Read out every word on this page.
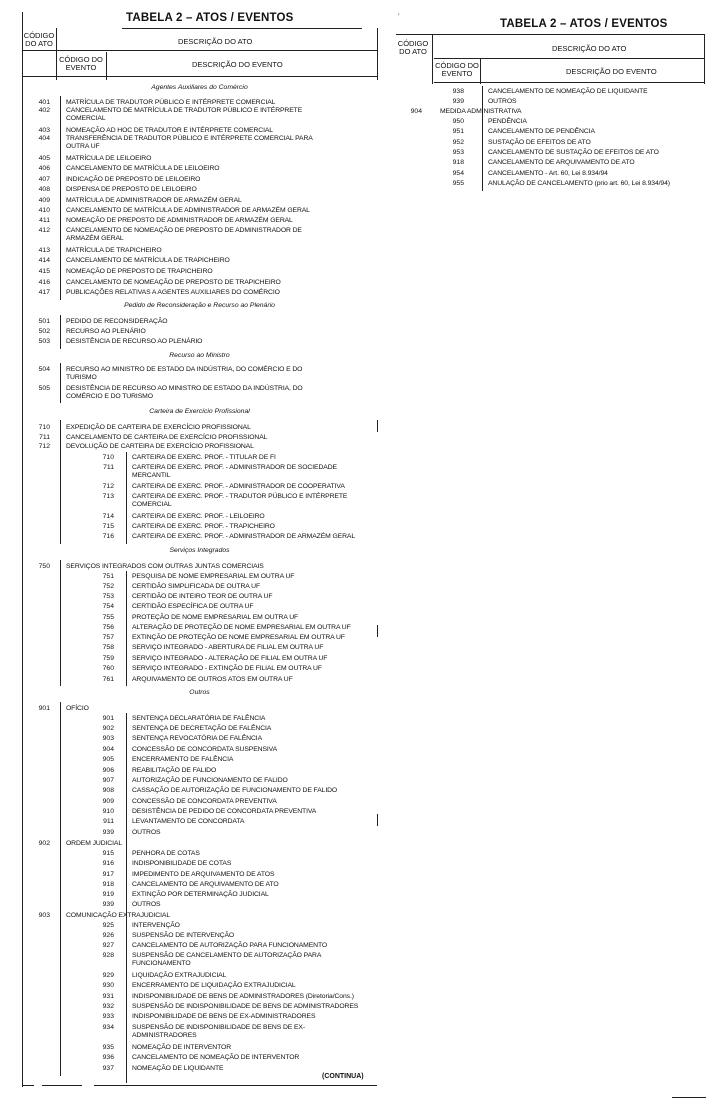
TABELA 2 – ATOS / EVENTOS
CÓDIGO
DO ATO	DESCRIÇÃO DO ATO
CÓDIGO DO
EVENTO	DESCRIÇÃO DO EVENTO
Agentes Auxiliares do Comércio
401 MATRÍCULA DE TRADUTOR PÚBLICO E INTÉRPRETE COMERCIAL
402 CANCELAMENTO DE MATRÍCULA DE TRADUTOR PÚBLICO E INTÉRPRETE
COMERCIAL
403 NOMEAÇÃO AD HOC DE TRADUTOR E INTÉRPRETE COMERCIAL
404 TRANSFERÊNCIA DE TRADUTOR PÚBLICO E INTÉRPRETE COMERCIAL PARA
OUTRA UF
405 MATRÍCULA DE LEILOEIRO
406 CANCELAMENTO DE MATRÍCULA DE LEILOEIRO
407 INDICAÇÃO DE PREPOSTO DE LEILOEIRO
408 DISPENSA DE PREPOSTO DE LEILOEIRO
409 MATRÍCULA DE ADMINISTRADOR DE ARMAZÉM GERAL
410 CANCELAMENTO DE MATRÍCULA DE ADMINISTRADOR DE ARMAZÉM GERAL
411 NOMEAÇÃO DE PREPOSTO DE ADMINISTRADOR DE ARMAZÉM GERAL
412 CANCELAMENTO DE NOMEAÇÃO DE PREPOSTO DE ADMINISTRADOR DE
ARMAZÉM GERAL
413 MATRÍCULA DE TRAPICHEIRO
414 CANCELAMENTO DE MATRÍCULA DE TRAPICHEIRO
415 NOMEAÇÃO DE PREPOSTO DE TRAPICHEIRO
416 CANCELAMENTO DE NOMEAÇÃO DE PREPOSTO DE TRAPICHEIRO
417 PUBLICAÇÕES RELATIVAS A AGENTES AUXILIARES DO COMÉRCIO
Pedido de Reconsideração e Recurso ao Plenário
501 PEDIDO DE RECONSIDERAÇÃO
502 RECURSO AO PLENÁRIO
503 DESISTÊNCIA DE RECURSO AO PLENÁRIO
Recurso ao Ministro
504 RECURSO AO MINISTRO DE ESTADO DA INDÚSTRIA, DO COMÉRCIO E DO
TURISMO
505 DESISTÊNCIA DE RECURSO AO MINISTRO DE ESTADO DA INDÚSTRIA, DO
COMÉRCIO E DO TURISMO
Carteira de Exercício Profissional
710 EXPEDIÇÃO DE CARTEIRA DE EXERCÍCIO PROFISSIONAL
711 CANCELAMENTO DE CARTEIRA DE EXERCÍCIO PROFISSIONAL
712 DEVOLUÇÃO DE CARTEIRA DE EXERCÍCIO PROFISSIONAL
710	CARTEIRA DE EXERC. PROF. - TITULAR DE FI
711	CARTEIRA DE EXERC. PROF. - ADMINISTRADOR DE SOCIEDADE
MERCANTIL
712	CARTEIRA DE EXERC. PROF. - ADMINISTRADOR DE COOPERATIVA
713	CARTEIRA DE EXERC. PROF. - TRADUTOR PÚBLICO E INTÉRPRETE
COMERCIAL
714	CARTEIRA DE EXERC. PROF. - LEILOEIRO
715	CARTEIRA DE EXERC. PROF. - TRAPICHEIRO
716	CARTEIRA DE EXERC. PROF. - ADMINISTRADOR DE ARMAZÉM GERAL
Serviços Integrados
750 SERVIÇOS INTEGRADOS COM OUTRAS JUNTAS COMERCIAIS
751	PESQUISA DE NOME EMPRESARIAL EM OUTRA UF
752	CERTIDÃO SIMPLIFICADA DE OUTRA UF
753	CERTIDÃO DE INTEIRO TEOR DE OUTRA UF
754	CERTIDÃO ESPECÍFICA DE OUTRA UF
755	PROTEÇÃO DE NOME EMPRESARIAL EM OUTRA UF
756	ALTERAÇÃO DE PROTEÇÃO DE NOME EMPRESARIAL EM OUTRA UF
757	EXTINÇÃO DE PROTEÇÃO DE NOME EMPRESARIAL EM OUTRA UF
758	SERVIÇO INTEGRADO - ABERTURA DE FILIAL EM OUTRA UF
759	SERVIÇO INTEGRADO - ALTERAÇÃO DE FILIAL EM OUTRA UF
760	SERVIÇO INTEGRADO - EXTINÇÃO DE FILIAL EM OUTRA UF
761	ARQUIVAMENTO DE OUTROS ATOS EM OUTRA UF
Outros
901 OFÍCIO
901	SENTENÇA DECLARATÓRIA DE FALÊNCIA
902	SENTENÇA DE DECRETAÇÃO DE FALÊNCIA
903	SENTENÇA REVOCATÓRIA DE FALÊNCIA
904	CONCESSÃO DE CONCORDATA SUSPENSIVA
905	ENCERRAMENTO DE FALÊNCIA
906	REABILITAÇÃO DE FALIDO
907	AUTORIZAÇÃO DE FUNCIONAMENTO DE FALIDO
908	CASSAÇÃO DE AUTORIZAÇÃO DE FUNCIONAMENTO DE FALIDO
909	CONCESSÃO DE CONCORDATA PREVENTIVA
910	DESISTÊNCIA DE PEDIDO DE CONCORDATA PREVENTIVA
911	LEVANTAMENTO DE CONCORDATA
939	OUTROS
902 ORDEM JUDICIAL
915	PENHORA DE COTAS
916	INDISPONIBILIDADE DE COTAS
917	IMPEDIMENTO DE ARQUIVAMENTO DE ATOS
918	CANCELAMENTO DE ARQUIVAMENTO DE ATO
919	EXTINÇÃO POR DETERMINAÇÃO JUDICIAL
939	OUTROS
903 COMUNICAÇÃO EXTRAJUDICIAL
925	INTERVENÇÃO
926	SUSPENSÃO DE INTERVENÇÃO
927	CANCELAMENTO DE AUTORIZAÇÃO PARA FUNCIONAMENTO
928	SUSPENSÃO DE CANCELAMENTO DE AUTORIZAÇÃO PARA
FUNCIONAMENTO
929	LIQUIDAÇÃO EXTRAJUDICIAL
930	ENCERRAMENTO DE LIQUIDAÇÃO EXTRAJUDICIAL
931	INDISPONIBILIDADE DE BENS DE ADMINISTRADORES (Diretoria/Cons.)
932	SUSPENSÃO DE INDISPONIBILIDADE DE BENS DE ADMINISTRADORES
933	INDISPONIBILIDADE DE BENS DE EX-ADMINISTRADORES
934	SUSPENSÃO DE INDISPONIBILIDADE DE BENS DE EX-
ADMINISTRADORES
935	NOMEAÇÃO DE INTERVENTOR
936	CANCELAMENTO DE NOMEAÇÃO DE INTERVENTOR
937	NOMEAÇÃO DE LIQUIDANTE
(CONTINUA)
ʼ
TABELA 2 – ATOS / EVENTOS
CÓDIGO
DO ATO	DESCRIÇÃO DO ATO
CÓDIGO DO
EVENTO	DESCRIÇÃO DO EVENTO
938	CANCELAMENTO DE NOMEAÇÃO DE LIQUIDANTE
939	OUTROS
904	MEDIDA ADMINISTRATIVA
950	PENDÊNCIA
951	CANCELAMENTO DE PENDÊNCIA
952	SUSTAÇÃO DE EFEITOS DE ATO
953	CANCELAMENTO DE SUSTAÇÃO DE EFEITOS DE ATO
918	CANCELAMENTO DE ARQUIVAMENTO DE ATO
954	CANCELAMENTO - Art. 60, Lei 8.934/94
955	ANULAÇÃO DE CANCELAMENTO (prio art. 60, Lei 8.934/94)
